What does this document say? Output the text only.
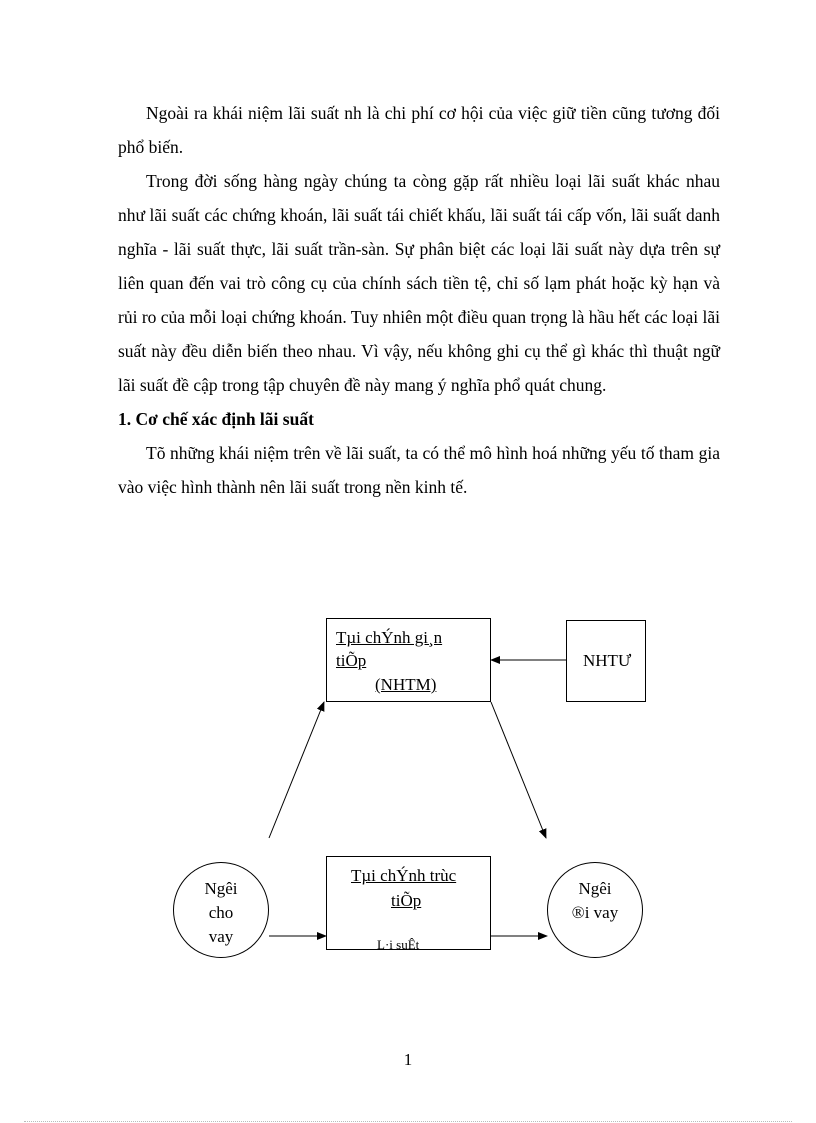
Ngoài ra khái niệm lãi suất nh là chi phí cơ hội của việc giữ tiền cũng tương đối phổ biến.

Trong đời sống hàng ngày chúng ta còng gặp rất nhiều loại lãi suất khác nhau như lãi suất các chứng khoán, lãi suất tái chiết khấu, lãi suất tái cấp vốn, lãi suất danh nghĩa - lãi suất thực, lãi suất trần-sàn. Sự phân biệt các loại lãi suất này dựa trên sự liên quan đến vai trò công cụ của chính sách tiền tệ, chỉ số lạm phát hoặc kỳ hạn và rủi ro của mỗi loại chứng khoán. Tuy nhiên một điều quan trọng là hầu hết các loại lãi suất này đều diễn biến theo nhau. Vì vậy, nếu không ghi cụ thể gì khác thì thuật ngữ lãi suất đề cập trong tập chuyên đề này mang ý nghĩa phổ quát chung.

1. Cơ chế xác định lãi suất

Tõ những khái niệm trên về lãi suất, ta có thể mô hình hoá những yếu tố tham gia vào việc hình thành nên lãi suất trong nền kinh tế.

Tµi chÝnh gi¸n
tiÕp
(NHTM)
NHTƯ
Tµi chÝnh trùc
tiÕp
L·i suÊt
Ngêi
cho
vay
Ngêi
®i vay
1
